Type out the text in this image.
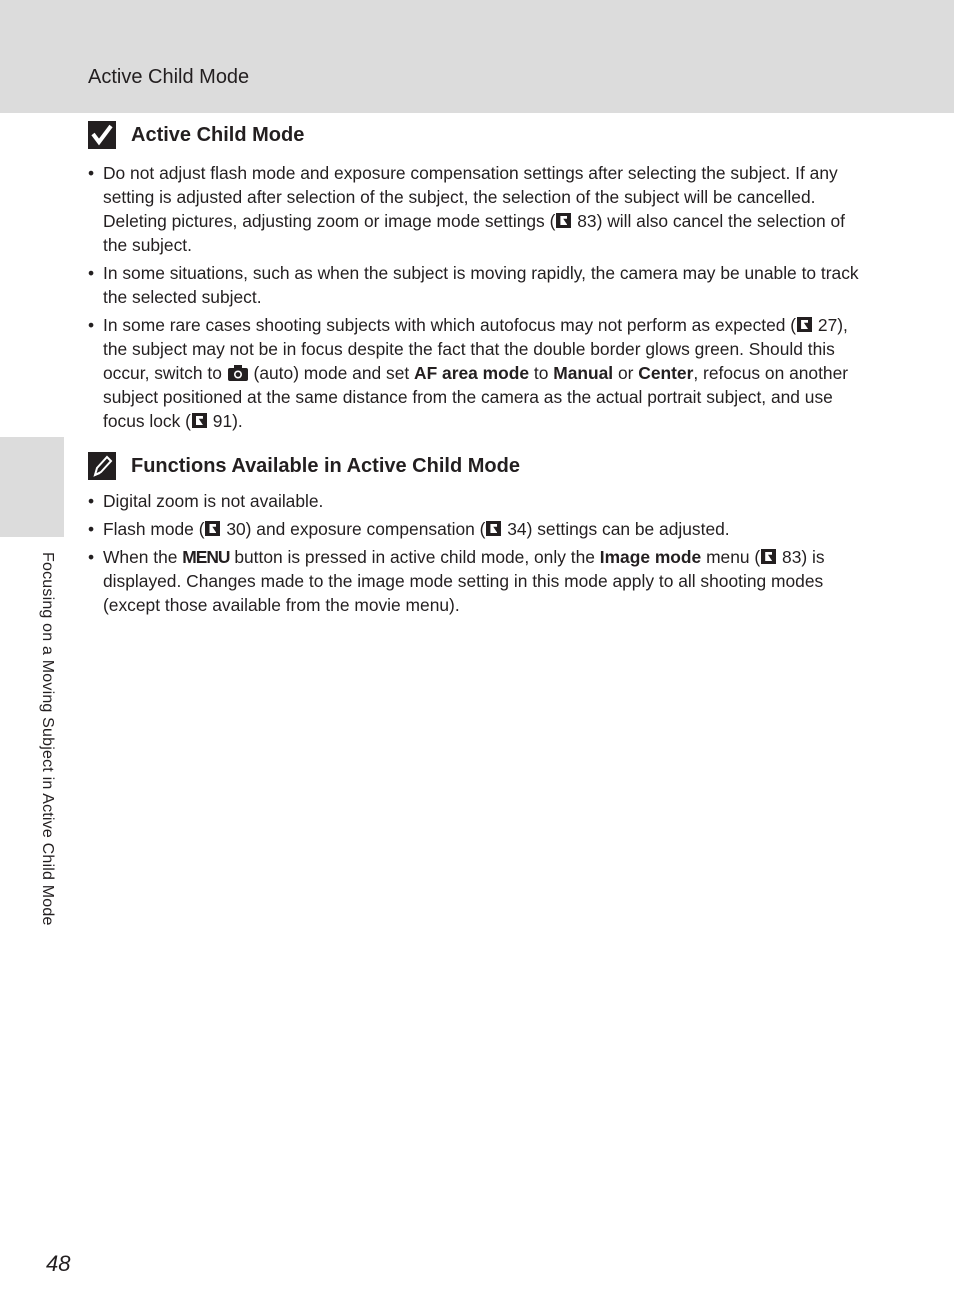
Active Child Mode
Focusing on a Moving Subject in Active Child Mode
Active Child Mode
• Do not adjust flash mode and exposure compensation settings after selecting the subject. If any setting is adjusted after selection of the subject, the selection of the subject will be cancelled. Deleting pictures, adjusting zoom or image mode settings ( 83) will also cancel the selection of the subject.
• In some situations, such as when the subject is moving rapidly, the camera may be unable to track the selected subject.
• In some rare cases shooting subjects with which autofocus may not perform as expected ( 27), the subject may not be in focus despite the fact that the double border glows green. Should this occur, switch to  (auto) mode and set AF area mode to Manual or Center, refocus on another subject positioned at the same distance from the camera as the actual portrait subject, and use focus lock ( 91).
Functions Available in Active Child Mode
• Digital zoom is not available.
• Flash mode ( 30) and exposure compensation ( 34) settings can be adjusted.
• When the MENU button is pressed in active child mode, only the Image mode menu ( 83) is displayed. Changes made to the image mode setting in this mode apply to all shooting modes (except those available from the movie menu).
48
